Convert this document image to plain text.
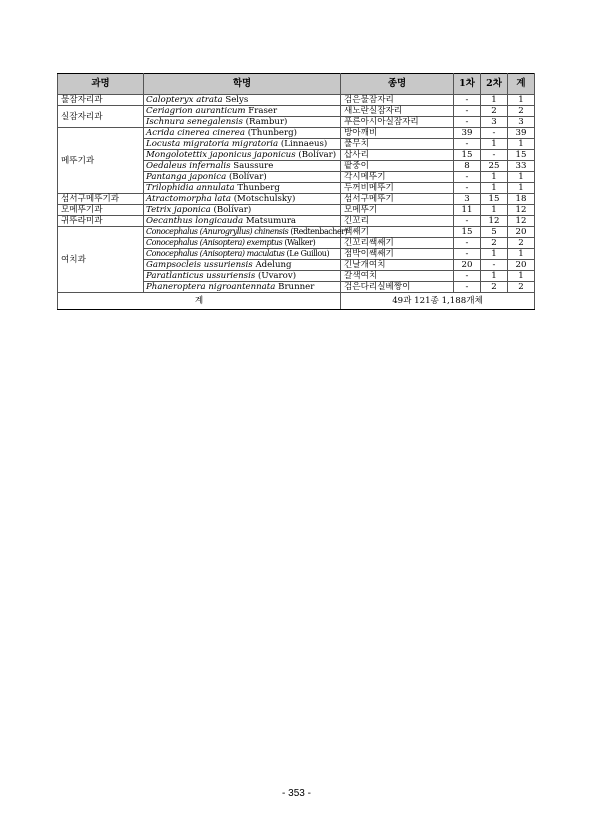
과명	학명	종명	1차	2차	계
물잠자리과	Calopteryx atrata Selys	검은물잠자리	-	1	1
실잠자리과	Ceriagrion auranticum Fraser	새노란실잠자리	-	2	2
	Ischnura senegalensis (Rambur)	푸른아시아실잠자리	-	3	3
메뚜기과	Acrida cinerea cinerea (Thunberg)	방아깨비	39	-	39
	Locusta migratoria migratoria (Linnaeus)	풀무치	-	1	1
	Mongolotettix japonicus japonicus (Bolívar)	삽사리	15	-	15
	Oedaleus infernalis Saussure	팥중이	8	25	33
	Pantanga japonica (Bolívar)	각시메뚜기	-	1	1
	Trilophidia annulata Thunberg	두꺼비메뚜기	-	1	1
섬서구메뚜기과	Atractomorpha lata (Motschulsky)	섬서구메뚜기	3	15	18
모메뚜기과	Tetrix japonica (Bolívar)	모메뚜기	11	1	12
귀뚜라미과	Oecanthus longicauda Matsumura	긴꼬리	-	12	12
여치과	Conocephalus (Anurogryllus) chinensis (Redtenbacher)	쌕쌔기	15	5	20
	Conocephalus (Anisoptera) exemptus (Walker)	긴꼬리쌕쌔기	-	2	2
	Conocephalus (Anisoptera) maculatus (Le Guillou)	점박이쌕쌔기	-	1	1
	Gampsocleis ussuriensis Adelung	긴날개여치	20	-	20
	Paratlanticus ussuriensis (Uvarov)	갈색여치	-	1	1
	Phaneroptera nigroantennata Brunner	검은다리실베짱이	-	2	2
계		49과 121종 1,188개체			
- 353 -
